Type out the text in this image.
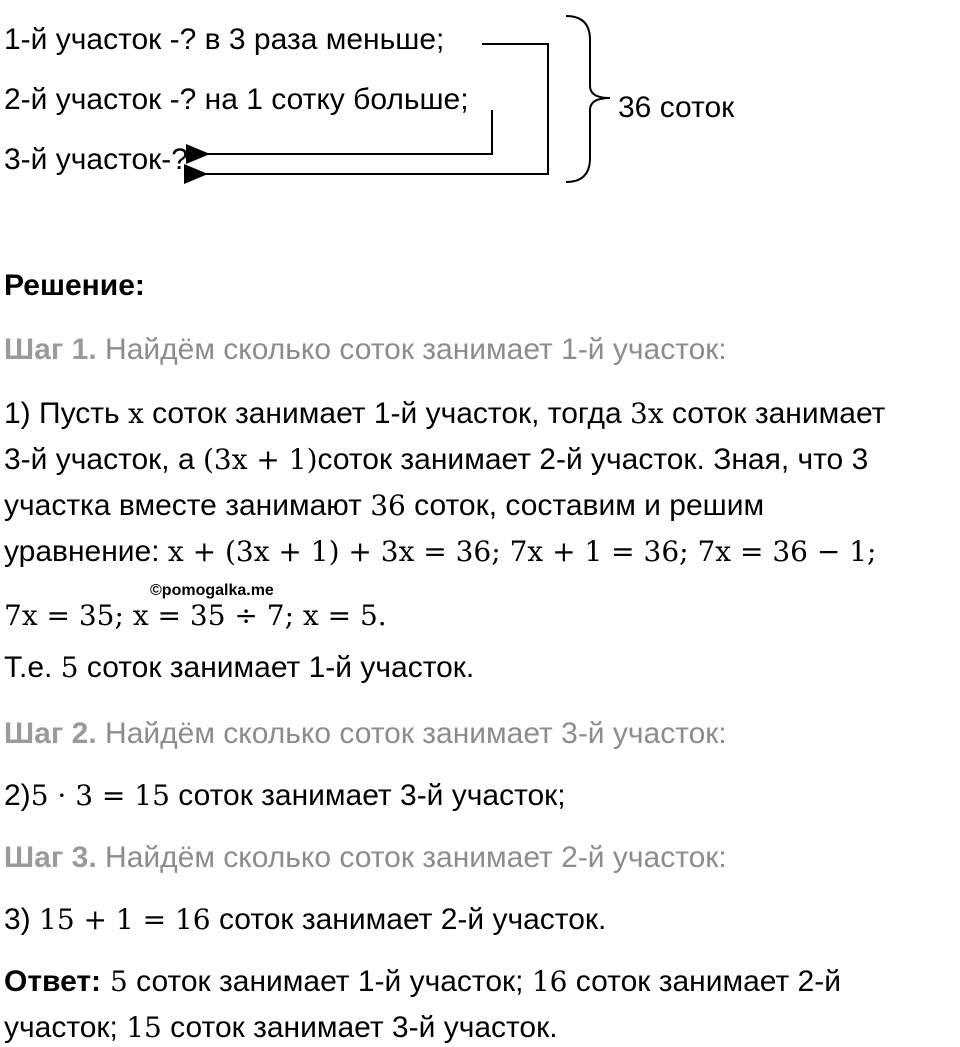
1-й участок -? в 3 раза меньше;
2-й участок -? на 1 сотку больше;
3-й участок-?
36 соток
Решение:
Шаг 1. Найдём сколько соток занимает 1-й участок:
1) Пусть x соток занимает 1-й участок, тогда 3x соток занимает
3-й участок, а (3x + 1)соток занимает 2-й участок. Зная, что 3
участка вместе занимают 36 соток, составим и решим
уравнение: x + (3x + 1) + 3x = 36; 7x + 1 = 36; 7x = 36 − 1;
©pomogalka.me
7x = 35; x = 35 ÷ 7; x = 5.
Т.е. 5 соток занимает 1-й участок.
Шаг 2. Найдём сколько соток занимает 3-й участок:
2)5 · 3 = 15 соток занимает 3-й участок;
Шаг 3. Найдём сколько соток занимает 2-й участок:
3) 15 + 1 = 16 соток занимает 2-й участок.
Ответ: 5 соток занимает 1-й участок; 16 соток занимает 2-й
участок; 15 соток занимает 3-й участок.
